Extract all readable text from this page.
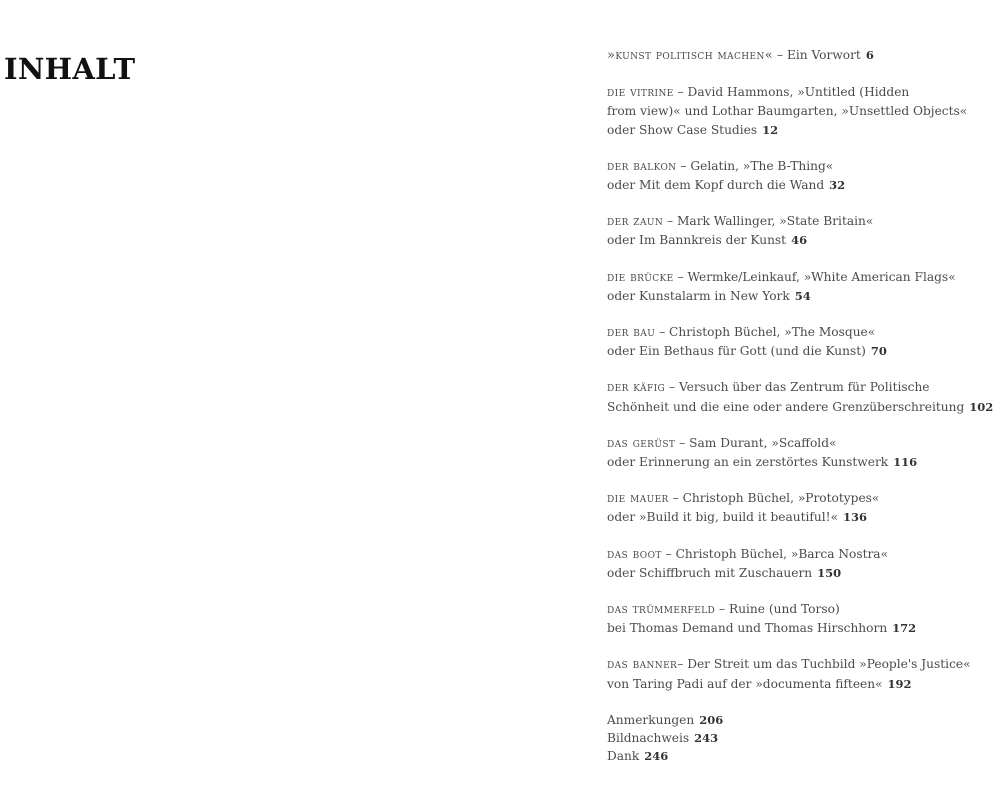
INHALT	»kunst politisch machen« – Ein Vorwort 6
die vitrine – David Hammons, »Untitled (Hidden
from view)« und Lothar Baumgarten, »Unsettled Objects«
oder Show Case Studies 12
der balkon – Gelatin, »The B-Thing«
oder Mit dem Kopf durch die Wand 32
der zaun – Mark Wallinger, »State Britain«
oder Im Bannkreis der Kunst 46
die brücke – Wermke/Leinkauf, »White American Flags«
oder Kunstalarm in New York 54
der bau – Christoph Büchel, »The Mosque«
oder Ein Bethaus für Gott (und die Kunst) 70
der käfig – Versuch über das Zentrum für Politische
Schönheit und die eine oder andere Grenzüberschreitung 102
das gerüst – Sam Durant, »Scaffold«
oder Erinnerung an ein zerstörtes Kunstwerk 116
die mauer – Christoph Büchel, »Prototypes«
oder »Build it big, build it beautiful!« 136
das boot – Christoph Büchel, »Barca Nostra«
oder Schiffbruch mit Zuschauern 150
das trümmerfeld – Ruine (und Torso)
bei Thomas Demand und Thomas Hirschhorn 172
das banner– Der Streit um das Tuchbild »People's Justice«
von Taring Padi auf der »documenta fifteen« 192
Anmerkungen 206
Bildnachweis 243
Dank 246
